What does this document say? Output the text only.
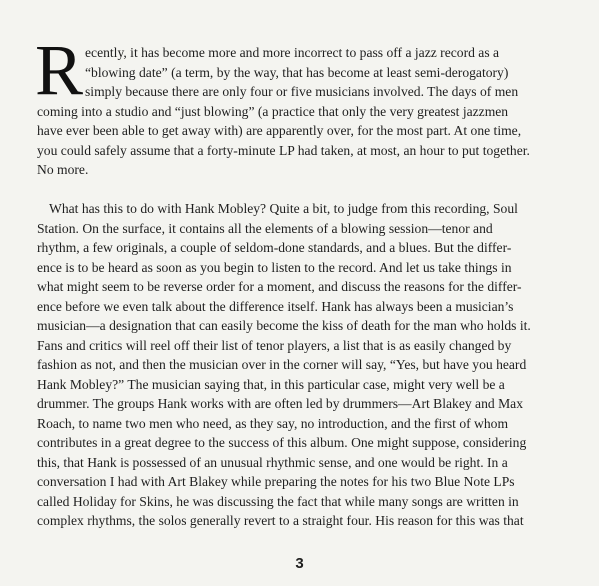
R ecently, it has become more and more incorrect to pass off a jazz record as a
“blowing date” (a term, by the way, that has become at least semi-derogatory)
simply because there are only four or five musicians involved. The days of men
coming into a studio and “just blowing” (a practice that only the very greatest jazzmen
have ever been able to get away with) are apparently over, for the most part. At one time,
you could safely assume that a forty-minute LP had taken, at most, an hour to put together.
No more.
What has this to do with Hank Mobley? Quite a bit, to judge from this recording, Soul
Station. On the surface, it contains all the elements of a blowing session—tenor and
rhythm, a few originals, a couple of seldom-done standards, and a blues. But the differ-
ence is to be heard as soon as you begin to listen to the record. And let us take things in
what might seem to be reverse order for a moment, and discuss the reasons for the differ-
ence before we even talk about the difference itself. Hank has always been a musician’s
musician—a designation that can easily become the kiss of death for the man who holds it.
Fans and critics will reel off their list of tenor players, a list that is as easily changed by
fashion as not, and then the musician over in the corner will say, “Yes, but have you heard
Hank Mobley?” The musician saying that, in this particular case, might very well be a
drummer. The groups Hank works with are often led by drummers—Art Blakey and Max
Roach, to name two men who need, as they say, no introduction, and the first of whom
contributes in a great degree to the success of this album. One might suppose, considering
this, that Hank is possessed of an unusual rhythmic sense, and one would be right. In a
conversation I had with Art Blakey while preparing the notes for his two Blue Note LPs
called Holiday for Skins, he was discussing the fact that while many songs are written in
complex rhythms, the solos generally revert to a straight four. His reason for this was that
3
